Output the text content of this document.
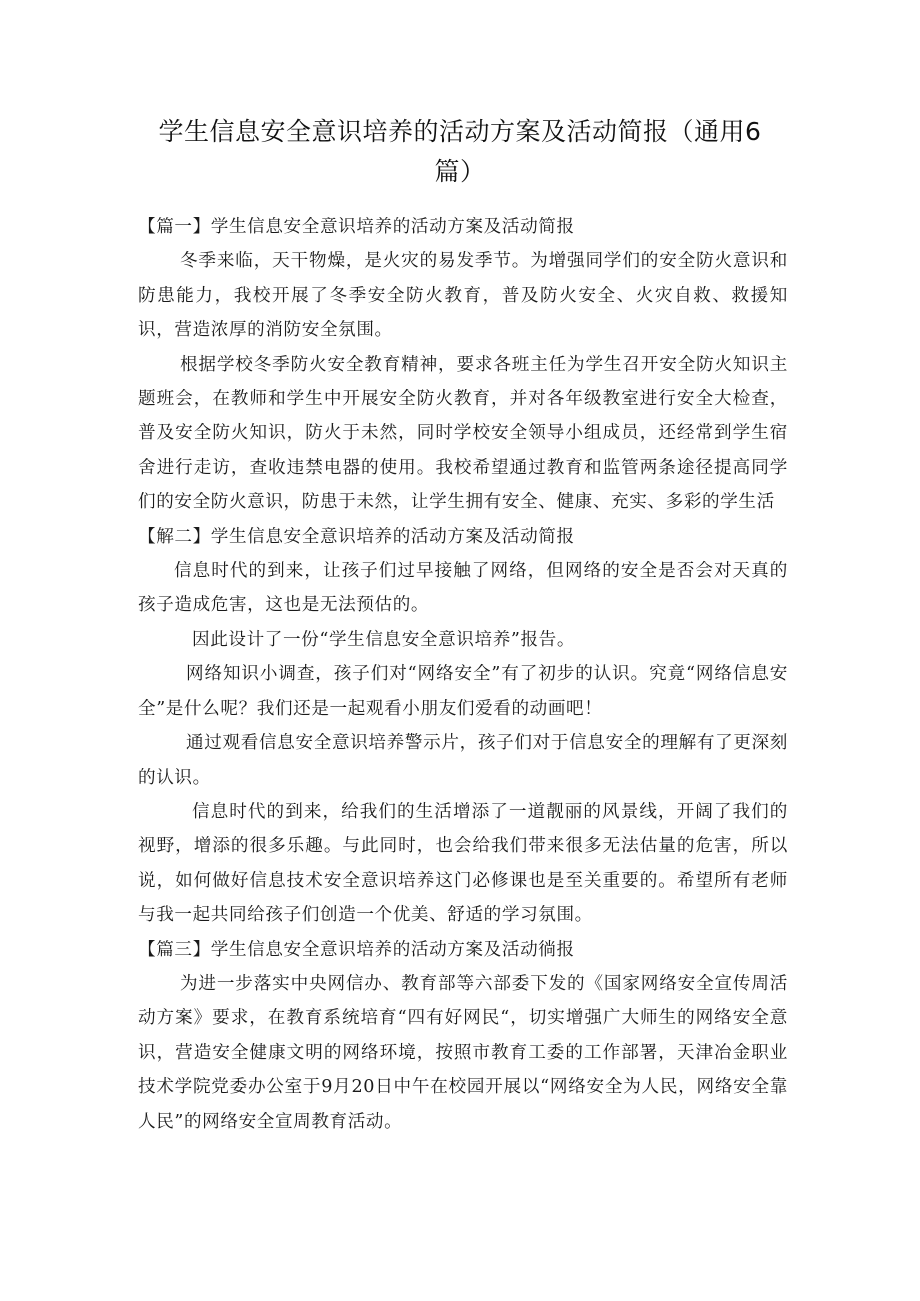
学生信息安全意识培养的活动方案及活动简报（通用6篇）

【篇一】学生信息安全意识培养的活动方案及活动简报

冬季来临，天干物燥，是火灾的易发季节。为增强同学们的安全防火意识和防患能力，我校开展了冬季安全防火教育，普及防火安全、火灾自救、救援知识，营造浓厚的消防安全氛围。

根据学校冬季防火安全教育精神，要求各班主任为学生召开安全防火知识主题班会，在教师和学生中开展安全防火教育，并对各年级教室进行安全大检查，普及安全防火知识，防火于未然，同时学校安全领导小组成员，还经常到学生宿舍进行走访，查收违禁电器的使用。我校希望通过教育和监管两条途径提高同学们的安全防火意识，防患于未然，让学生拥有安全、健康、充实、多彩的学生活

【解二】学生信息安全意识培养的活动方案及活动简报

信息时代的到来，让孩子们过早接触了网络，但网络的安全是否会对天真的孩子造成危害，这也是无法预估的。

因此设计了一份“学生信息安全意识培养”报告。

网络知识小调查，孩子们对“网络安全”有了初步的认识。究竟“网络信息安全”是什么呢？我们还是一起观看小朋友们爱看的动画吧！

通过观看信息安全意识培养警示片，孩子们对于信息安全的理解有了更深刻的认识。

信息时代的到来，给我们的生活增添了一道靓丽的风景线，开阔了我们的视野，增添的很多乐趣。与此同时，也会给我们带来很多无法估量的危害，所以说，如何做好信息技术安全意识培养这门必修课也是至关重要的。希望所有老师与我一起共同给孩子们创造一个优美、舒适的学习氛围。

【篇三】学生信息安全意识培养的活动方案及活动徜报

为进一步落实中央网信办、教育部等六部委下发的《国家网络安全宣传周活动方案》要求，在教育系统培育“四有好网民“，切实增强广大师生的网络安全意识，营造安全健康文明的网络环境，按照市教育工委的工作部署，天津冶金职业技术学院党委办公室于9月20日中午在校园开展以“网络安全为人民，网络安全靠人民”的网络安全宣周教育活动。
